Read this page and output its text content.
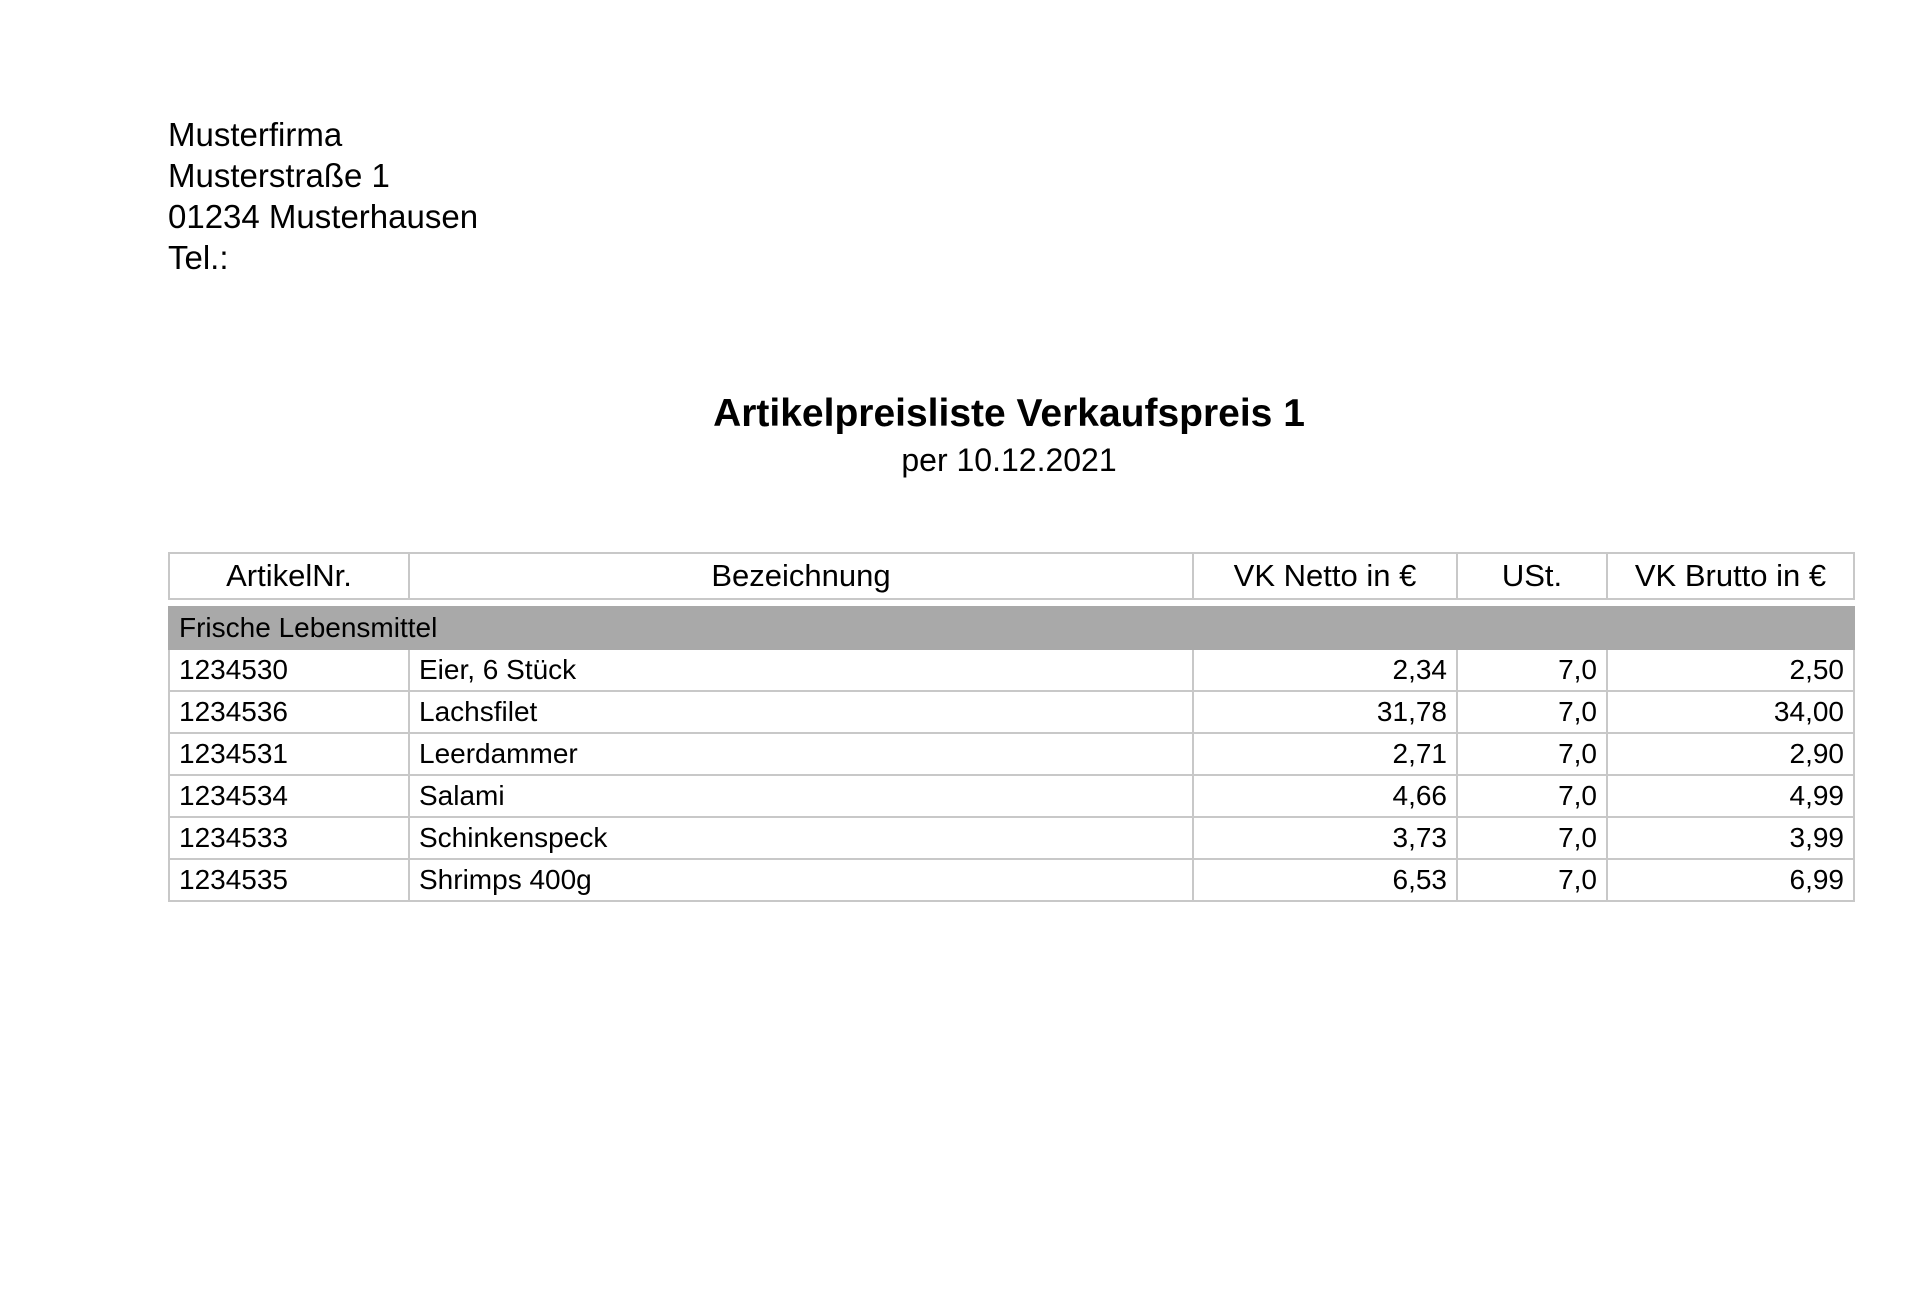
Musterfirma
Musterstraße 1
01234 Musterhausen
Tel.:
Artikelpreisliste Verkaufspreis 1
per 10.12.2021
ArtikelNr.	Bezeichnung	VK Netto in €	USt.	VK Brutto in €

Frische Lebensmittel				
1234530	Eier, 6 Stück	2,34	7,0	2,50
1234536	Lachsfilet	31,78	7,0	34,00
1234531	Leerdammer	2,71	7,0	2,90
1234534	Salami	4,66	7,0	4,99
1234533	Schinkenspeck	3,73	7,0	3,99
1234535	Shrimps 400g	6,53	7,0	6,99
